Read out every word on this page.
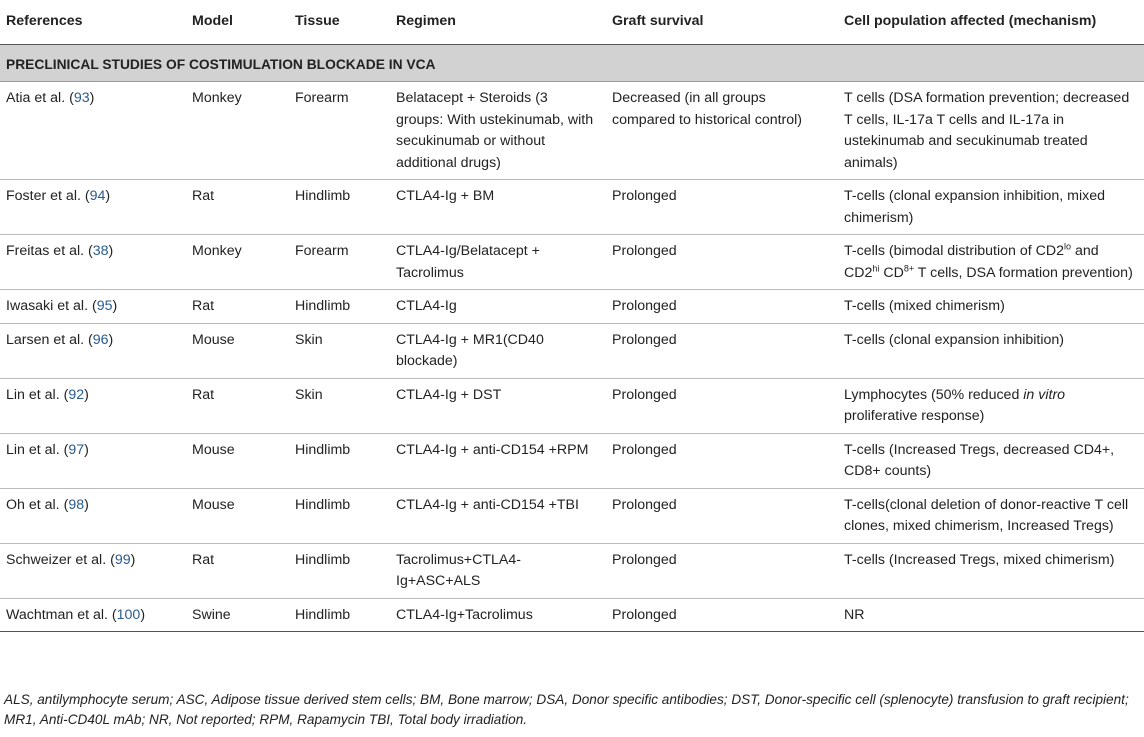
References	Model	Tissue	Regimen	Graft survival	Cell population affected (mechanism)
PRECLINICAL STUDIES OF COSTIMULATION BLOCKADE IN VCA					
Atia et al. (93)	Monkey	Forearm	Belatacept + Steroids (3 groups: With ustekinumab, with secukinumab or without additional drugs)	Decreased (in all groups compared to historical control)	T cells (DSA formation prevention; decreased T cells, IL-17a T cells and IL-17a in ustekinumab and secukinumab treated animals)
Foster et al. (94)	Rat	Hindlimb	CTLA4-Ig + BM	Prolonged	T-cells (clonal expansion inhibition, mixed chimerism)
Freitas et al. (38)	Monkey	Forearm	CTLA4-Ig/Belatacept + Tacrolimus	Prolonged	T-cells (bimodal distribution of $CD2^{lo}$ and $CD2^{hi}$ $CD^{8+}$ T cells, DSA formation prevention)
Iwasaki et al. (95)	Rat	Hindlimb	CTLA4-Ig	Prolonged	T-cells (mixed chimerism)
Larsen et al. (96)	Mouse	Skin	CTLA4-Ig + MR1(CD40 blockade)	Prolonged	T-cells (clonal expansion inhibition)
Lin et al. (92)	Rat	Skin	CTLA4-Ig + DST	Prolonged	Lymphocytes (50% reduced in vitro proliferative response)
Lin et al. (97)	Mouse	Hindlimb	CTLA4-Ig + anti-CD154 +RPM	Prolonged	T-cells (Increased Tregs, decreased CD4+, CD8+ counts)
Oh et al. (98)	Mouse	Hindlimb	CTLA4-Ig + anti-CD154 +TBI	Prolonged	T-cells(clonal deletion of donor-reactive T cell clones, mixed chimerism, Increased Tregs)
Schweizer et al. (99)	Rat	Hindlimb	Tacrolimus+CTLA4-Ig+ASC+ALS	Prolonged	T-cells (Increased Tregs, mixed chimerism)
Wachtman et al. (100)	Swine	Hindlimb	CTLA4-Ig+Tacrolimus	Prolonged	NR

ALS, antilymphocyte serum; ASC, Adipose tissue derived stem cells; BM, Bone marrow; DSA, Donor specific antibodies; DST, Donor-specific cell (splenocyte) transfusion to graft recipient; MR1, Anti-CD40L mAb; NR, Not reported; RPM, Rapamycin TBI, Total body irradiation.
